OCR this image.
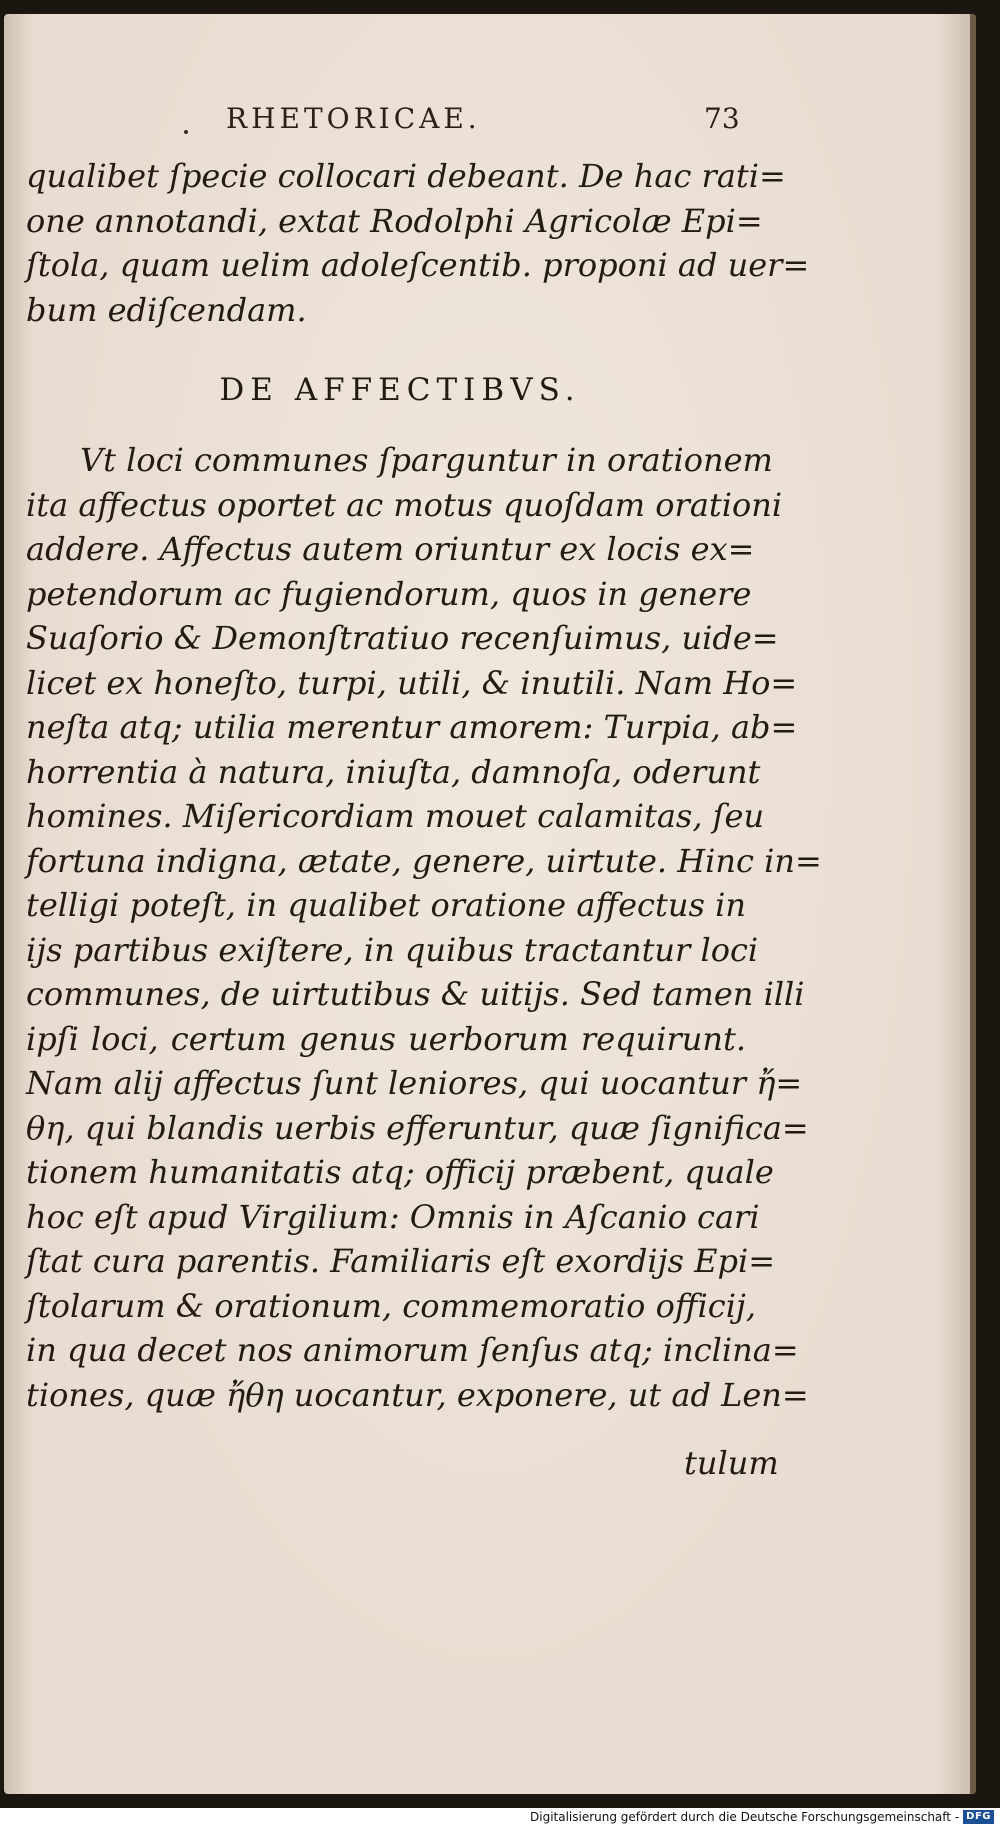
RHETORICAE.	73
qualibet ſpecie collocari debeant. De hac rati=
one annotandi, extat Rodolphi Agricolæ Epi=
ſtola, quam uelim adoleſcentib. proponi ad uer=
bum ediſcendam.
DE AFFECTIBVS.
Vt loci communes ſparguntur in orationem
ita affectus oportet ac motus quoſdam orationi
addere. Affectus autem oriuntur ex locis ex=
petendorum ac fugiendorum, quos in genere
Suaſorio & Demonſtratiuo recenſuimus, uide=
licet ex honeſto, turpi, utili, & inutili. Nam Ho=
neſta atq; utilia merentur amorem: Turpia, ab=
horrentia à natura, iniuſta, damnoſa, oderunt
homines. Miſericordiam mouet calamitas, ſeu
fortuna indigna, ætate, genere, uirtute. Hinc in=
telligi poteſt, in qualibet oratione affectus in
ijs partibus exiſtere, in quibus tractantur loci
communes, de uirtutibus & uitijs. Sed tamen illi
ipſi loci, certum genus uerborum requirunt.
Nam alij affectus ſunt leniores, qui uocantur ἤ=
θη, qui blandis uerbis efferuntur, quæ ſignifica=
tionem humanitatis atq; officij præbent, quale
hoc eſt apud Virgilium: Omnis in Aſcanio cari
ſtat cura parentis. Familiaris eſt exordijs Epi=
ſtolarum & orationum, commemoratio officij,
in qua decet nos animorum ſenſus atq; inclina=
tiones, quæ ἤθη uocantur, exponere, ut ad Len=
tulum
Digitalisierung gefördert durch die Deutsche Forschungsgemeinschaft - DFG
